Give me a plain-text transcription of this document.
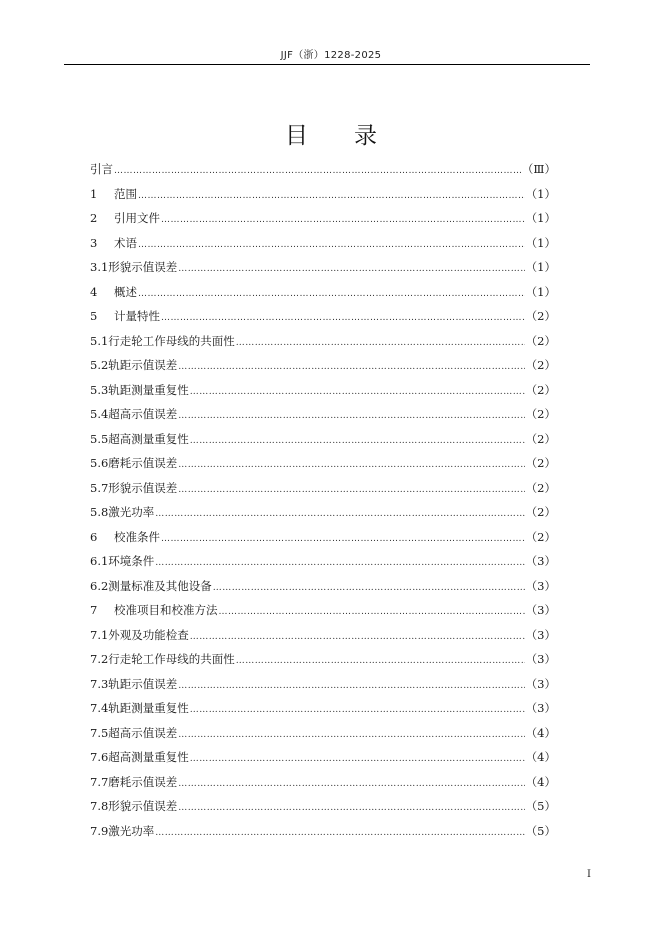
JJF（浙）1228-2025
目 录
引言 ……………………………………………………………………………………………………………………………………………………………………………………………………	（Ⅲ）
1 范围 ……………………………………………………………………………………………………………………………………………………………………………………………………	（1）
2 引用文件 ……………………………………………………………………………………………………………………………………………………………………………………………………	（1）
3 术语 ……………………………………………………………………………………………………………………………………………………………………………………………………	（1）
3.1形貌示值误差 ……………………………………………………………………………………………………………………………………………………………………………………………………	（1）
4 概述 ……………………………………………………………………………………………………………………………………………………………………………………………………	（1）
5 计量特性 ……………………………………………………………………………………………………………………………………………………………………………………………………	（2）
5.1行走轮工作母线的共面性 ……………………………………………………………………………………………………………………………………………………………………………………………………	（2）
5.2轨距示值误差 ……………………………………………………………………………………………………………………………………………………………………………………………………	（2）
5.3轨距测量重复性 ……………………………………………………………………………………………………………………………………………………………………………………………………	（2）
5.4超高示值误差 ……………………………………………………………………………………………………………………………………………………………………………………………………	（2）
5.5超高测量重复性 ……………………………………………………………………………………………………………………………………………………………………………………………………	（2）
5.6磨耗示值误差 ……………………………………………………………………………………………………………………………………………………………………………………………………	（2）
5.7形貌示值误差 ……………………………………………………………………………………………………………………………………………………………………………………………………	（2）
5.8激光功率 ……………………………………………………………………………………………………………………………………………………………………………………………………	（2）
6 校准条件 ……………………………………………………………………………………………………………………………………………………………………………………………………	（2）
6.1环境条件 ……………………………………………………………………………………………………………………………………………………………………………………………………	（3）
6.2测量标准及其他设备 ……………………………………………………………………………………………………………………………………………………………………………………………………	（3）
7 校准项目和校准方法 ……………………………………………………………………………………………………………………………………………………………………………………………………	（3）
7.1外观及功能检查 ……………………………………………………………………………………………………………………………………………………………………………………………………	（3）
7.2行走轮工作母线的共面性 ……………………………………………………………………………………………………………………………………………………………………………………………………	（3）
7.3轨距示值误差 ……………………………………………………………………………………………………………………………………………………………………………………………………	（3）
7.4轨距测量重复性 ……………………………………………………………………………………………………………………………………………………………………………………………………	（3）
7.5超高示值误差 ……………………………………………………………………………………………………………………………………………………………………………………………………	（4）
7.6超高测量重复性 ……………………………………………………………………………………………………………………………………………………………………………………………………	（4）
7.7磨耗示值误差 ……………………………………………………………………………………………………………………………………………………………………………………………………	（4）
7.8形貌示值误差 ……………………………………………………………………………………………………………………………………………………………………………………………………	（5）
7.9激光功率 ……………………………………………………………………………………………………………………………………………………………………………………………………	（5）
I
